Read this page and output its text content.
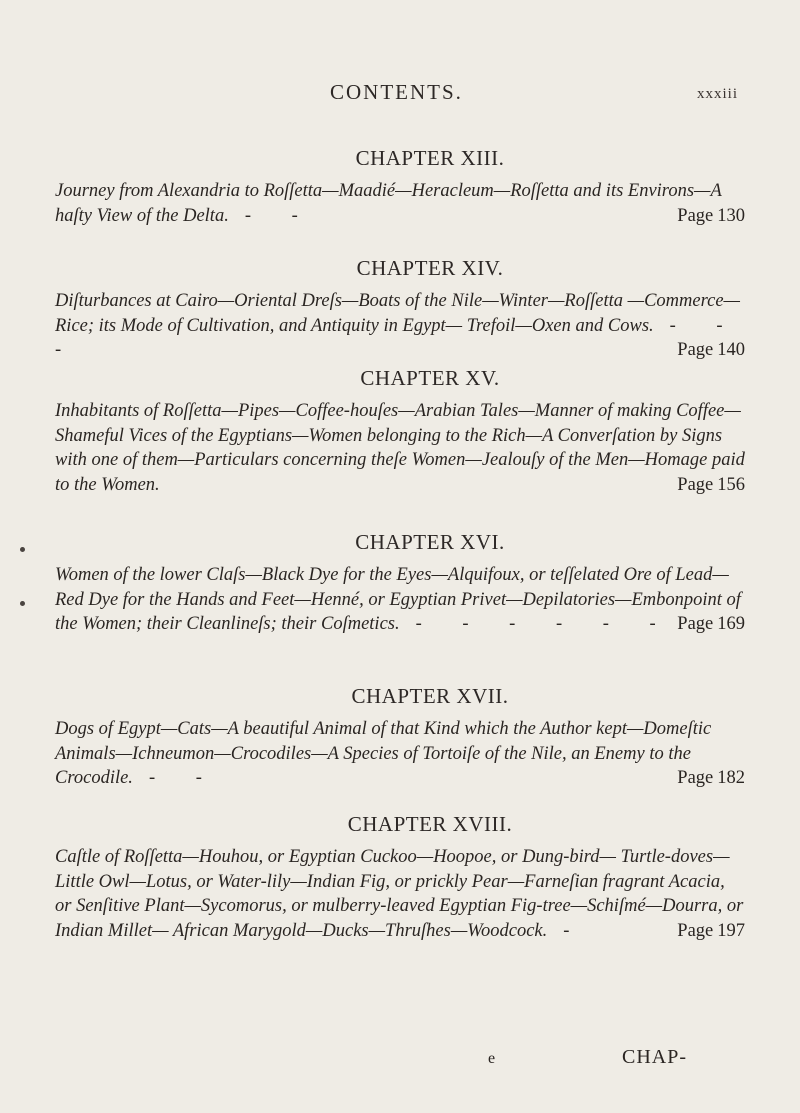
CONTENTS.	xxxiii
CHAPTER XIII.

Journey from Alexandria to Roſſetta—Maadié—Heracleum—Roſſetta and its Environs—A haſty View of the Delta. - -	Page 130

CHAPTER XIV.

Diſturbances at Cairo—Oriental Dreſs—Boats of the Nile—Winter—Roſſetta —Commerce—Rice; its Mode of Cultivation, and Antiquity in Egypt— Trefoil—Oxen and Cows. - - -	Page 140

CHAPTER XV.

Inhabitants of Roſſetta—Pipes—Coffee-houſes—Arabian Tales—Manner of making Coffee—Shameful Vices of the Egyptians—Women belonging to the Rich—A Converſation by Signs with one of them—Particulars concerning theſe Women—Jealouſy of the Men—Homage paid to the Women.	Page 156

CHAPTER XVI.

Women of the lower Claſs—Black Dye for the Eyes—Alquifoux, or teſſelated Ore of Lead—Red Dye for the Hands and Feet—Henné, or Egyptian Privet—Depilatories—Embonpoint of the Women; their Cleanlineſs; their Coſmetics. - - - - - - Page 169

CHAPTER XVII.

Dogs of Egypt—Cats—A beautiful Animal of that Kind which the Author kept—Domeſtic Animals—Ichneumon—Crocodiles—A Species of Tortoiſe of the Nile, an Enemy to the Crocodile. - -	Page 182

CHAPTER XVIII.

Caſtle of Roſſetta—Houhou, or Egyptian Cuckoo—Hoopoe, or Dung-bird— Turtle-doves—Little Owl—Lotus, or Water-lily—Indian Fig, or prickly Pear—Farneſian fragrant Acacia, or Senſitive Plant—Sycomorus, or mulberry-leaved Egyptian Fig-tree—Schiſmé—Dourra, or Indian Millet— African Marygold—Ducks—Thruſhes—Woodcock. -	Page 197

e	CHAP-
